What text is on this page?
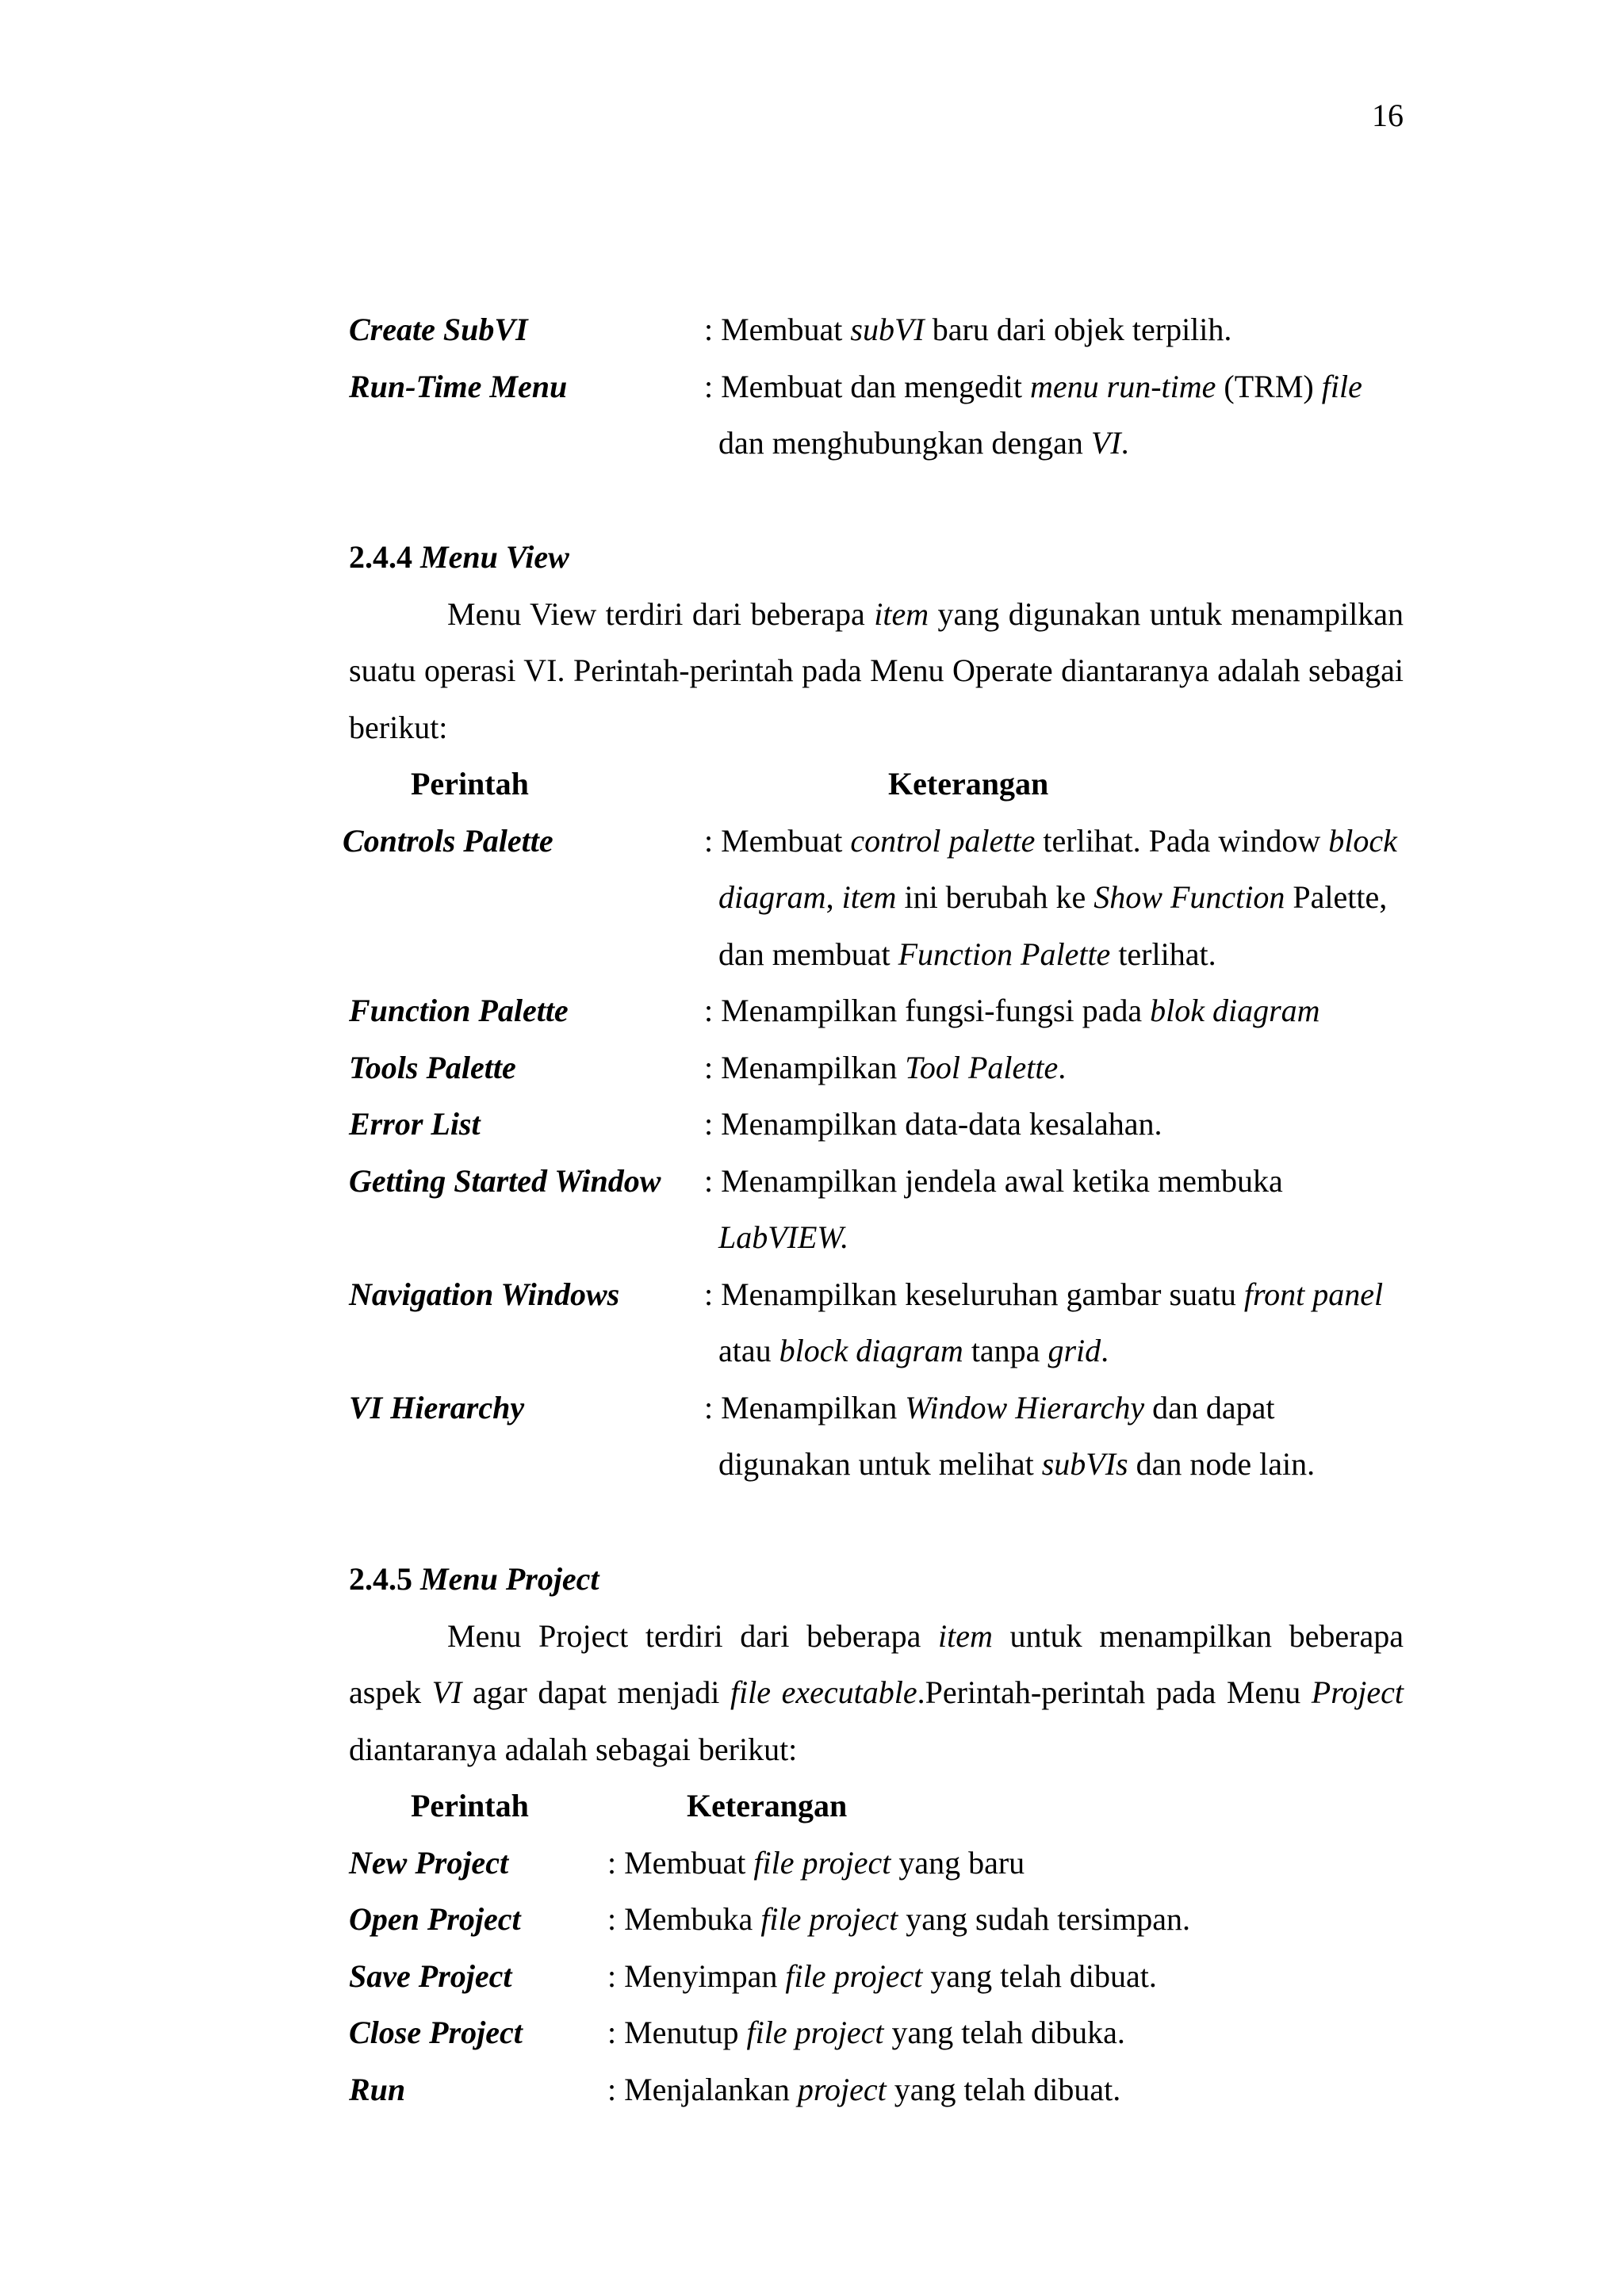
16
Create SubVI	: Membuat subVI baru dari objek terpilih.
Run-Time Menu	: Membuat dan mengedit menu run-time (TRM) file dan menghubungkan dengan VI.
2.4.4 Menu View
Menu View terdiri dari beberapa item yang digunakan untuk menampilkan suatu operasi VI. Perintah-perintah pada Menu Operate diantaranya adalah sebagai berikut:
Perintah	Keterangan
Controls Palette	: Membuat control palette terlihat. Pada window block diagram, item ini berubah ke Show Function Palette, dan membuat Function Palette terlihat.
Function Palette	: Menampilkan fungsi-fungsi pada blok diagram
Tools Palette	: Menampilkan Tool Palette.
Error List	: Menampilkan data-data kesalahan.
Getting Started Window	: Menampilkan jendela awal ketika membuka LabVIEW.
Navigation Windows	: Menampilkan keseluruhan gambar suatu front panel atau block diagram tanpa grid.
VI Hierarchy	: Menampilkan Window Hierarchy dan dapat digunakan untuk melihat subVIs dan node lain.
2.4.5 Menu Project
Menu Project terdiri dari beberapa item untuk menampilkan beberapa aspek VI agar dapat menjadi file executable.Perintah-perintah pada Menu Project diantaranya adalah sebagai berikut:
Perintah	Keterangan
New Project	: Membuat file project yang baru
Open Project	: Membuka file project yang sudah tersimpan.
Save Project	: Menyimpan file project yang telah dibuat.
Close Project	: Menutup file project yang telah dibuka.
Run	: Menjalankan project yang telah dibuat.
